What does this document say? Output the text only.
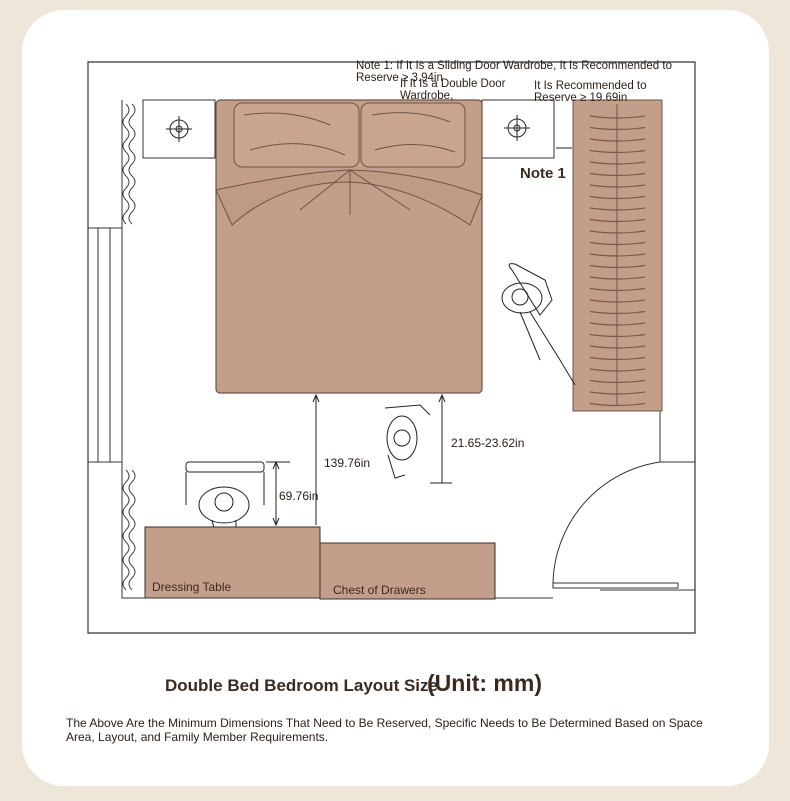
Note 1: If It Is a Sliding Door Wardrobe, It Is Recommended to Reserve ≥ 3.94in
If It Is a Double Door Wardrobe,
It Is Recommended to Reserve ≥ 19.69in
Note 1
139.76in
21.65-23.62in
69.76in
Dressing Table	Chest of Drawers
Double Bed Bedroom Layout Size
(Unit: mm)
The Above Are the Minimum Dimensions That Need to Be Reserved, Specific Needs to Be Determined Based on Space Area, Layout, and Family Member Requirements.
